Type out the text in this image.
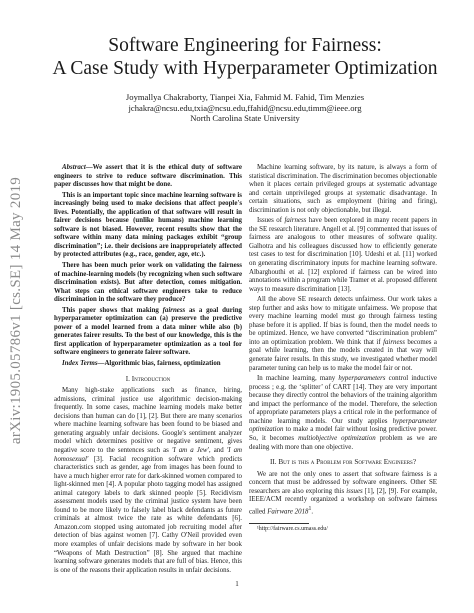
arXiv:1905.05786v1 [cs.SE] 14 May 2019
Software Engineering for Fairness:
A Case Study with Hyperparameter Optimization
Joymallya Chakraborty, Tianpei Xia, Fahmid M. Fahid, Tim Menzies
jchakra@ncsu.edu,txia@ncsu.edu,ffahid@ncsu.edu,timm@ieee.org
North Carolina State University

Abstract—We assert that it is the ethical duty of software engineers to strive to reduce software discrimination. This paper discusses how that might be done.

This is an important topic since machine learning software is increasingly being used to make decisions that affect people's lives. Potentially, the application of that software will result in fairer decisions because (unlike humans) machine learning software is not biased. However, recent results show that the software within many data mining packages exhibit “group discrimination”; i.e. their decisions are inappropriately affected by protected attributes (e.g., race, gender, age, etc.).

There has been much prior work on validating the fairness of machine-learning models (by recognizing when such software discrimination exists). But after detection, comes mitigation. What steps can ethical software engineers take to reduce discrimination in the software they produce?

This paper shows that making fairness as a goal during hyperparameter optimization can (a) preserve the predictive power of a model learned from a data miner while also (b) generates fairer results. To the best of our knowledge, this is the first application of hyperparameter optimization as a tool for software engineers to generate fairer software.

Index Terms—Algorithmic bias, fairness, optimization

I. Introduction

Many high-stake applications such as finance, hiring, admissions, criminal justice use algorithmic decision-making frequently. In some cases, machine learning models make better decisions than human can do [1], [2]. But there are many scenarios where machine learning software has been found to be biased and generating arguably unfair decisions. Google's sentiment analyzer model which determines positive or negative sentiment, gives negative score to the sentences such as 'I am a Jew', and 'I am homosexual' [3]. Facial recognition software which predicts characteristics such as gender, age from images has been found to have a much higher error rate for dark-skinned women compared to light-skinned men [4]. A popular photo tagging model has assigned animal category labels to dark skinned people [5]. Recidivism assessment models used by the criminal justice system have been found to be more likely to falsely label black defendants as future criminals at almost twice the rate as white defendants [6]. Amazon.com stopped using automated job recruiting model after detection of bias against women [7]. Cathy O'Neil provided even more examples of unfair decisions made by software in her book “Weapons of Math Destruction” [8]. She argued that machine learning software generates models that are full of bias. Hence, this is one of the reasons their application results in unfair decisions.

Machine learning software, by its nature, is always a form of statistical discrimination. The discrimination becomes objectionable when it places certain privileged groups at systematic advantage and certain unprivileged groups at systematic disadvantage. In certain situations, such as employment (hiring and firing), discrimination is not only objectionable, but illegal.

Issues of fairness have been explored in many recent papers in the SE research literature. Angell et al. [9] commented that issues of fairness are analogous to other measures of software quality. Galhotra and his colleagues discussed how to efficiently generate test cases to test for discrimination [10]. Udeshi et al. [11] worked on generating discriminatory inputs for machine learning software. Albarghouthi et al. [12] explored if fairness can be wired into annotations within a program while Tramer et al. proposed different ways to measure discrimination [13].

All the above SE research detects unfairness. Our work takes a step further and asks how to mitigate unfairness. We propose that every machine learning model must go through fairness testing phase before it is applied. If bias is found, then the model needs to be optimized. Hence, we have converted “discrimination problem” into an optimization problem. We think that if fairness becomes a goal while learning, then the models created in that way will generate fairer results. In this study, we investigated whether model parameter tuning can help us to make the model fair or not.

In machine learning, many hyperparameters control inductive process ; e.g. the ‘splitter’ of CART [14]. They are very important because they directly control the behaviors of the training algorithm and impact the performance of the model. Therefore, the selection of appropriate parameters plays a critical role in the performance of machine learning models. Our study applies hyperparameter optimization to make a model fair without losing predictive power. So, it becomes multiobjective optimization problem as we are dealing with more than one objective.

II. But is this a Problem for Software Engineers?

We are not the only ones to assert that software fairness is a concern that must be addressed by software engineers. Other SE researchers are also exploring this issues [1], [2], [9]. For example, IEEE/ACM recently organized a workshop on software fairness called Fairware 2018$^1$.

¹http://fairware.cs.umass.edu/

1
